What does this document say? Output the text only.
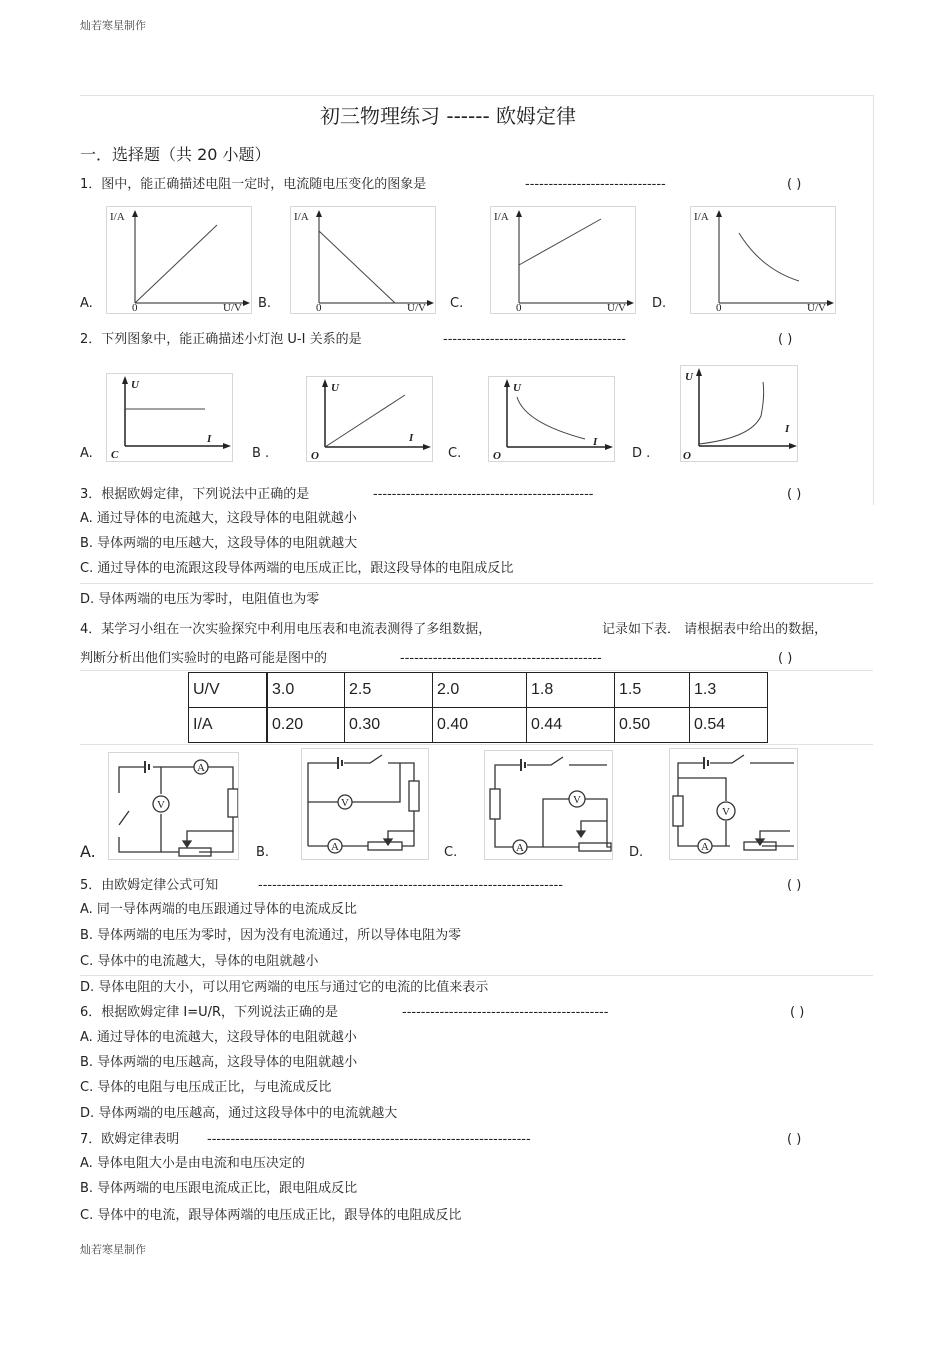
灿若寒星制作
初三物理练习 ------ 欧姆定律
一．选择题（共 20 小题）
1．图中，能正确描述电阻一定时，电流随电压变化的图象是	------------------------------	( )
A.
I/A
0	U/V B.
I/A
0	U/V C.
I/A
0	U/V D.
I/A
0	U/V
2．下列图象中，能正确描述小灯泡 U-I 关系的是	---------------------------------------	( )
A.
U
C
I
B .
U
O
I
C.
U
O
I
D .
U
O
I
3．根据欧姆定律，下列说法中正确的是	-----------------------------------------------	( )
A. 通过导体的电流越大，这段导体的电阻就越小
B. 导体两端的电压越大，这段导体的电阻就越大
C. 通过导体的电流跟这段导体两端的电压成正比，跟这段导体的电阻成反比
D. 导体两端的电压为零时，电阻值也为零
4．某学习小组在一次实验探究中利用电压表和电流表测得了多组数据，	记录如下表． 请根据表中给出的数据，
判断分析出他们实验时的电路可能是图中的	-------------------------------------------	( )
U/V	3.0	2.5	2.0	1.8	1.5	1.3
I/A	0.20	0.30	0.40	0.44	0.50	0.54
A.
A
V
B.	A
V
C.	A
V
D.	A
V
5．由欧姆定律公式可知	-----------------------------------------------------------------	( )
A. 同一导体两端的电压跟通过导体的电流成反比
B. 导体两端的电压为零时，因为没有电流通过，所以导体电阻为零
C. 导体中的电流越大，导体的电阻就越小
D. 导体电阻的大小，可以用它两端的电压与通过它的电流的比值来表示
6．根据欧姆定律 I=U/R，下列说法正确的是	--------------------------------------------	( )
A. 通过导体的电流越大，这段导体的电阻就越小
B. 导体两端的电压越高，这段导体的电阻就越小
C. 导体的电阻与电压成正比，与电流成反比
D. 导体两端的电压越高，通过这段导体中的电流就越大
7．欧姆定律表明 ---------------------------------------------------------------------	( )
A. 导体电阻大小是由电流和电压决定的
B. 导体两端的电压跟电流成正比，跟电阻成反比
C. 导体中的电流，跟导体两端的电压成正比，跟导体的电阻成反比
灿若寒星制作
